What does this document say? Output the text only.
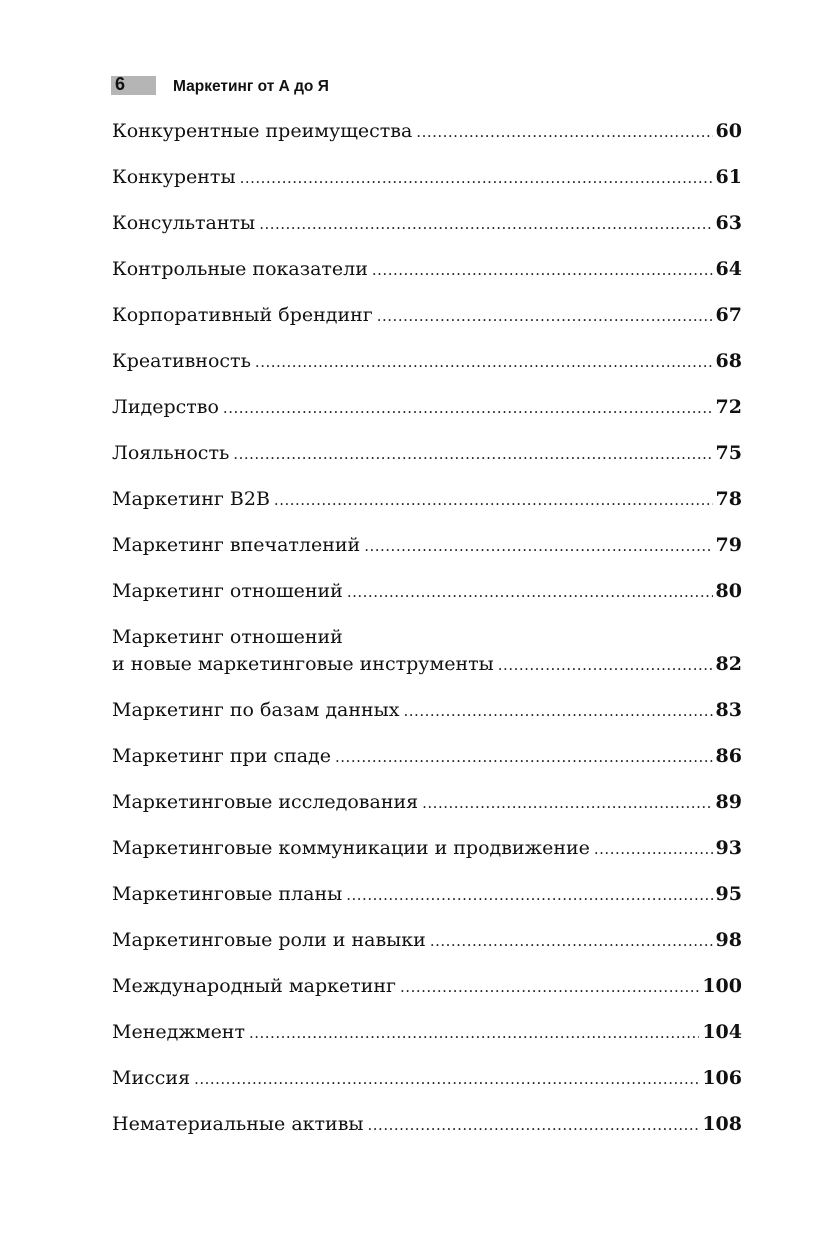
6	Маркетинг от А до Я
Конкурентные преимущества .....	60
Конкуренты .....	61
Консультанты .....	63
Контрольные показатели .....	64
Корпоративный брендинг .....	67
Креативность .....	68
Лидерство .....	72
Лояльность .....	75
Маркетинг B2B .....	78
Маркетинг впечатлений .....	79
Маркетинг отношений .....	80
Маркетинг отношений
и новые маркетинговые инструменты .....	82
Маркетинг по базам данных .....	83
Маркетинг при спаде .....	86
Маркетинговые исследования .....	89
Маркетинговые коммуникации и продвижение .....	93
Маркетинговые планы .....	95
Маркетинговые роли и навыки .....	98
Международный маркетинг .....	100
Менеджмент .....	104
Миссия .....	106
Нематериальные активы .....	108
